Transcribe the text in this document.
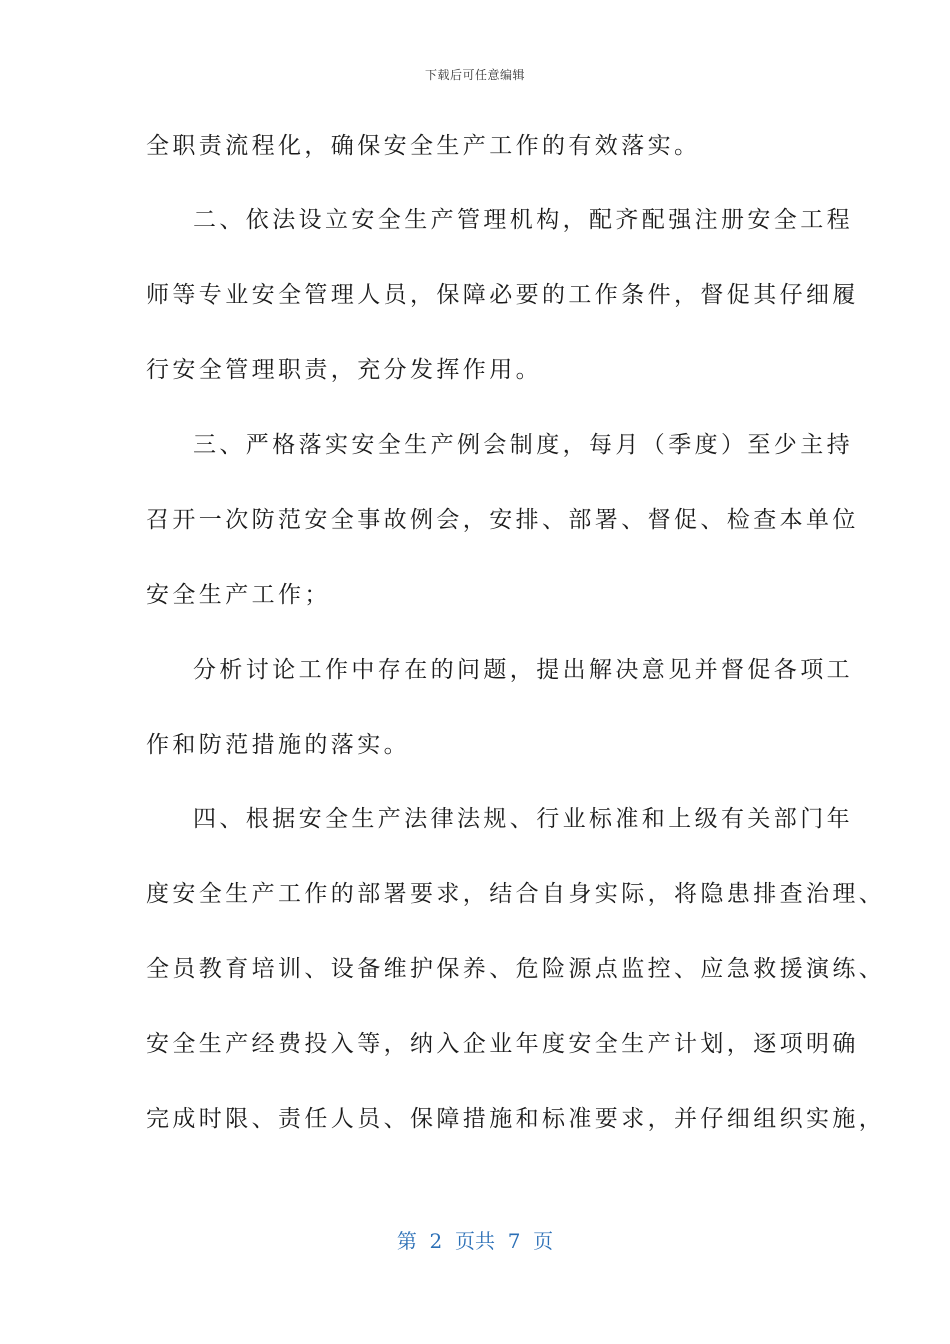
下载后可任意编辑
全职责流程化，确保安全生产工作的有效落实。
二、依法设立安全生产管理机构，配齐配强注册安全工程
师等专业安全管理人员，保障必要的工作条件，督促其仔细履
行安全管理职责，充分发挥作用。
三、严格落实安全生产例会制度，每月（季度）至少主持
召开一次防范安全事故例会，安排、部署、督促、检查本单位
安全生产工作；
分析讨论工作中存在的问题，提出解决意见并督促各项工
作和防范措施的落实。
四、根据安全生产法律法规、行业标准和上级有关部门年
度安全生产工作的部署要求，结合自身实际，将隐患排查治理、
全员教育培训、设备维护保养、危险源点监控、应急救援演练、
安全生产经费投入等，纳入企业年度安全生产计划，逐项明确
完成时限、责任人员、保障措施和标准要求，并仔细组织实施，
第  2  页共  7  页
